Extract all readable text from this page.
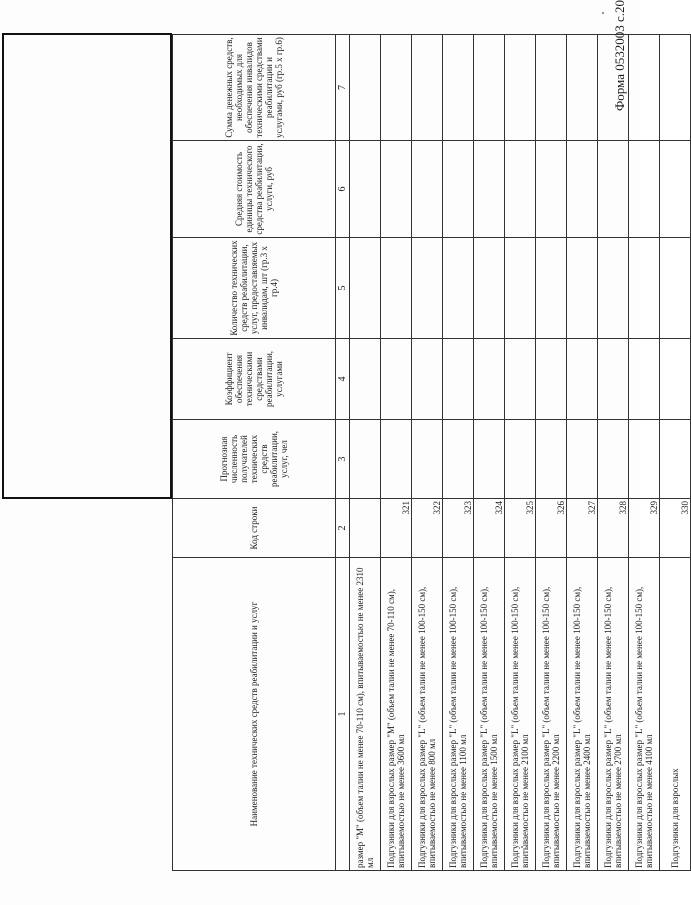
Форма 0532003 с.20
Наименование технических средств реабилитации и услуг	Код строки	Прогнозная численность получателей технических средств реабилитации, услуг, чел	Коэффициент обеспечения техническими средствами реабилитации, услугами	Количество технических средств реабилитации, услуг, предоставляемых инвалидам, шт (гр.3 х гр.4)	Средняя стоимость единицы технического средства реабилитации, услуги, руб	Сумма денежных средств, необходимых для обеспечения инвалидов техническими средствами реабилитации и услугами, руб (гр.5 х гр.6)
1	2	3	4	5	6	7
размер "М" (объем талии не менее 70-110 см), впитываемостью не менее 2310 мл						
Подгузники для взрослых размер "М" (объем талии не менее 70-110 см), впитываемостью не менее 3600 мл	321					
Подгузники для взрослых размер "L" (объем талии не менее 100-150 см), впитываемостью не менее 800 мл	322					
Подгузники для взрослых размер "L" (объем талии не менее 100-150 см), впитываемостью не менее 1100 мл	323					
Подгузники для взрослых размер "L" (объем талии не менее 100-150 см), впитываемостью не менее 1500 мл	324					
Подгузники для взрослых размер "L" (объем талии не менее 100-150 см), впитываемостью не менее 2100 мл	325					
Подгузники для взрослых размер "L" (объем талии не менее 100-150 см), впитываемостью не менее 2200 мл	326					
Подгузники для взрослых размер "L" (объем талии не менее 100-150 см), впитываемостью не менее 2400 мл	327					
Подгузники для взрослых размер "L" (объем талии не менее 100-150 см), впитываемостью не менее 2700 мл	328					
Подгузники для взрослых размер "L" (объем талии не менее 100-150 см), впитываемостью не менее 4100 мл	329					
Подгузники для взрослых	330					
